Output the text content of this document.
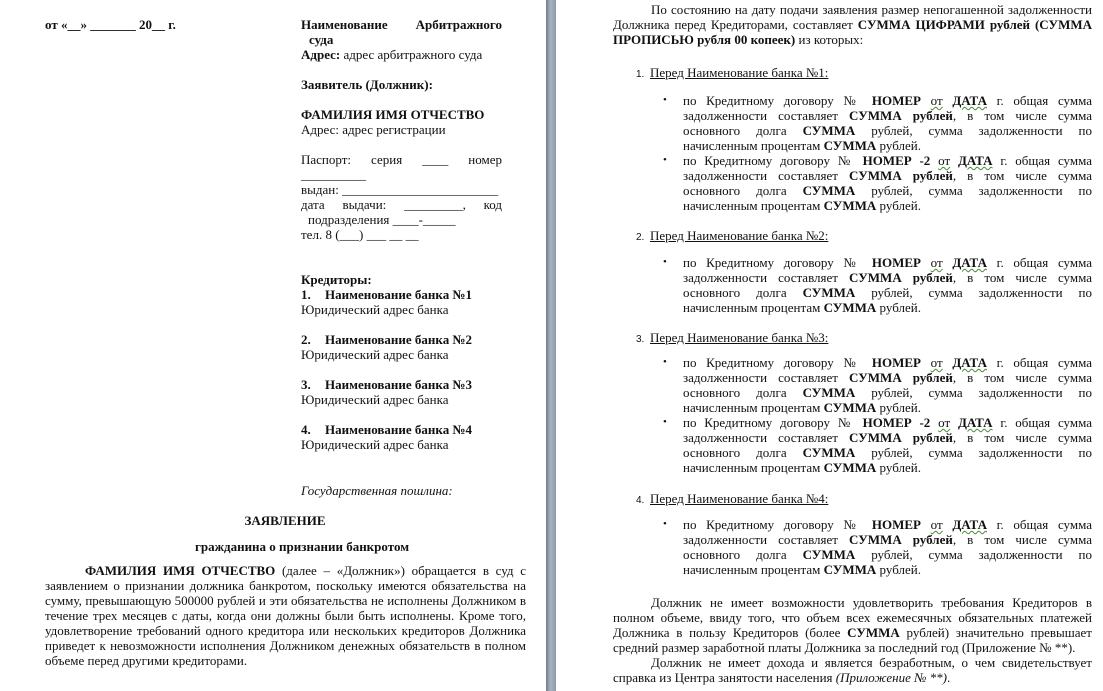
от «__» _______ 20__ г.	Наименование Арбитражного
суда
Адрес: адрес арбитражного суда
Заявитель (Должник):
ФАМИЛИЯ ИМЯ ОТЧЕСТВО
Адрес: адрес регистрации
Паспорт: серия ____ номер
__________
выдан: ________________________
дата выдачи: _________, код
подразделения ____-_____
тел. 8 (___) ___ __ __
Кредиторы:
1. Наименование банка №1
Юридический адрес банка
2. Наименование банка №2
Юридический адрес банка
3. Наименование банка №3
Юридический адрес банка
4. Наименование банка №4
Юридический адрес банка
Государственная пошлина:
ЗАЯВЛЕНИЕ
гражданина о признании банкротом

ФАМИЛИЯ ИМЯ ОТЧЕСТВО (далее – «Должник») обращается в суд с заявлением о признании должника банкротом, поскольку имеются обязательства на сумму, превышающую 500000 рублей и эти обязательства не исполнены Должником в течение трех месяцев с даты, когда они должны были быть исполнены. Кроме того, удовлетворение требований одного кредитора или нескольких кредиторов Должника приведет к невозможности исполнения Должником денежных обязательств в полном объеме перед другими кредиторами.

По состоянию на дату подачи заявления размер непогашенной задолженности Должника перед Кредиторами, составляет СУММА ЦИФРАМИ рублей (СУММА ПРОПИСЬЮ рубля 00 копеек) из которых:

1. Перед Наименование банка №1:
• по Кредитному договору № НОМЕР от ДАТА г. общая сумма задолженности составляет СУММА рублей, в том числе сумма основного долга СУММА рублей, сумма задолженности по начисленным процентам СУММА рублей.
• по Кредитному договору № НОМЕР -2 от ДАТА г. общая сумма задолженности составляет СУММА рублей, в том числе сумма основного долга СУММА рублей, сумма задолженности по начисленным процентам СУММА рублей.
2. Перед Наименование банка №2:
• по Кредитному договору № НОМЕР от ДАТА г. общая сумма задолженности составляет СУММА рублей, в том числе сумма основного долга СУММА рублей, сумма задолженности по начисленным процентам СУММА рублей.
3. Перед Наименование банка №3:
• по Кредитному договору № НОМЕР от ДАТА г. общая сумма задолженности составляет СУММА рублей, в том числе сумма основного долга СУММА рублей, сумма задолженности по начисленным процентам СУММА рублей.
• по Кредитному договору № НОМЕР -2 от ДАТА г. общая сумма задолженности составляет СУММА рублей, в том числе сумма основного долга СУММА рублей, сумма задолженности по начисленным процентам СУММА рублей.
4. Перед Наименование банка №4:
• по Кредитному договору № НОМЕР от ДАТА г. общая сумма задолженности составляет СУММА рублей, в том числе сумма основного долга СУММА рублей, сумма задолженности по начисленным процентам СУММА рублей.

Должник не имеет возможности удовлетворить требования Кредиторов в полном объеме, ввиду того, что объем всех ежемесячных обязательных платежей Должника в пользу Кредиторов (более СУММА рублей) значительно превышает средний размер заработной платы Должника за последний год (Приложение № **).

Должник не имеет дохода и является безработным, о чем свидетельствует справка из Центра занятости населения (Приложение № **).
